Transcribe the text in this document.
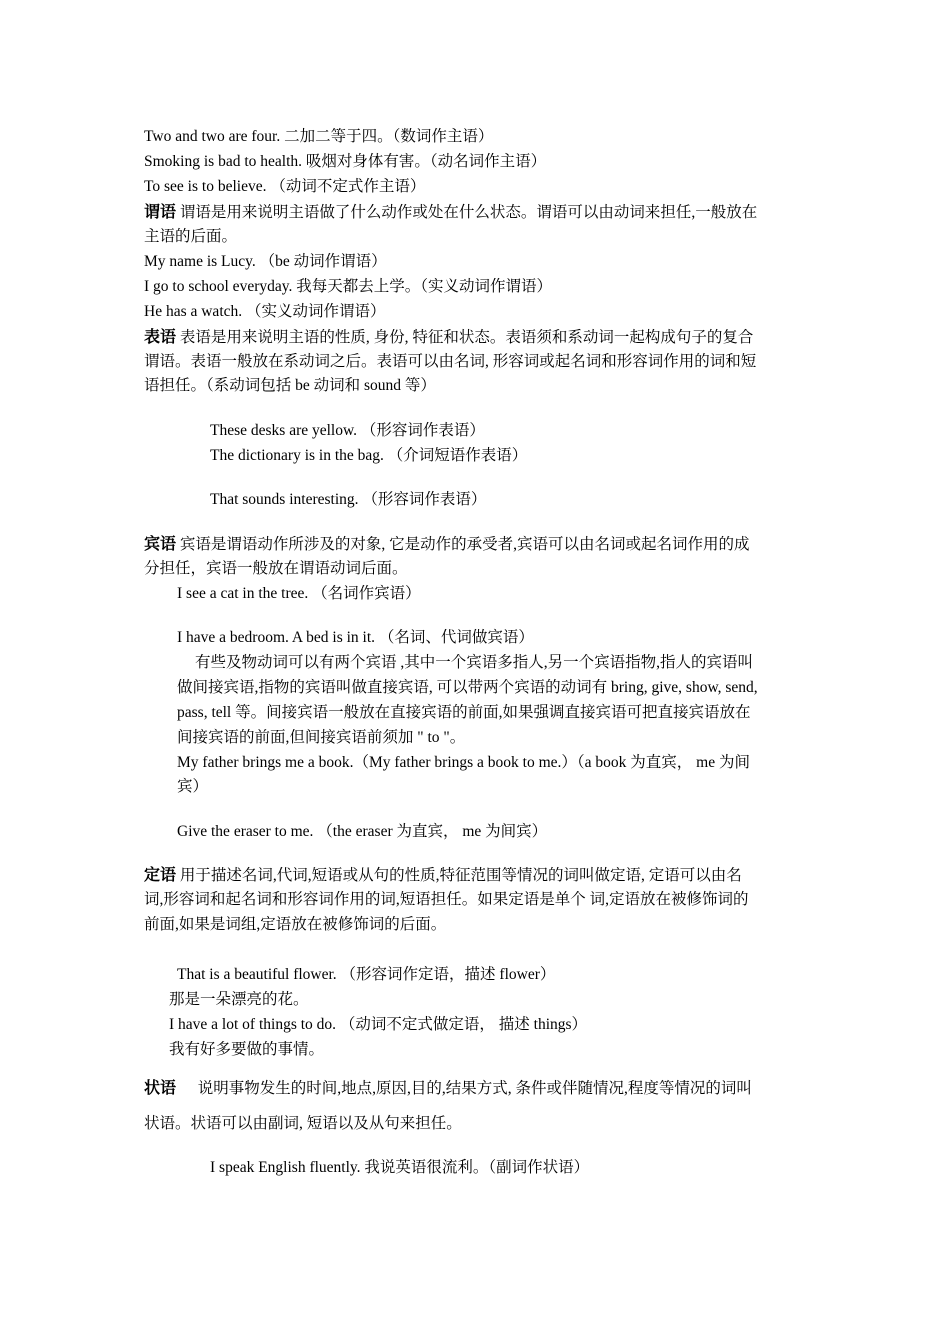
Two and two are four. 二加二等于四。（数词作主语）
Smoking is bad to health. 吸烟对身体有害。（动名词作主语）
To see is to believe. （动词不定式作主语）
谓语 谓语是用来说明主语做了什么动作或处在什么状态。谓语可以由动词来担任,一般放在
主语的后面。
My name is Lucy. （be 动词作谓语）
I go to school everyday. 我每天都去上学。（实义动词作谓语）
He has a watch. （实义动词作谓语）
表语 表语是用来说明主语的性质, 身份, 特征和状态。表语须和系动词一起构成句子的复合
谓语。表语一般放在系动词之后。表语可以由名词, 形容词或起名词和形容词作用的词和短
语担任。（系动词包括 be 动词和 sound 等）
These desks are yellow. （形容词作表语）
The dictionary is in the bag. （介词短语作表语）
That sounds interesting. （形容词作表语）
宾语 宾语是谓语动作所涉及的对象, 它是动作的承受者,宾语可以由名词或起名词作用的成
分担任，宾语一般放在谓语动词后面。
I see a cat in the tree. （名词作宾语）
I have a bedroom. A bed is in it. （名词、代词做宾语）
有些及物动词可以有两个宾语 ,其中一个宾语多指人,另一个宾语指物,指人的宾语叫
做间接宾语,指物的宾语叫做直接宾语, 可以带两个宾语的动词有 bring, give, show, send,
pass, tell 等。间接宾语一般放在直接宾语的前面,如果强调直接宾语可把直接宾语放在
间接宾语的前面,但间接宾语前须加 " to "。
My father brings me a book.（My father brings a book to me.）（a book 为直宾， me 为间
宾）
Give the eraser to me. （the eraser 为直宾， me 为间宾）
定语 用于描述名词,代词,短语或从句的性质,特征范围等情况的词叫做定语, 定语可以由名
词,形容词和起名词和形容词作用的词,短语担任。如果定语是单个 词,定语放在被修饰词的
前面,如果是词组,定语放在被修饰词的后面。
That is a beautiful flower. （形容词作定语，描述 flower）
那是一朵漂亮的花。
I have a lot of things to do. （动词不定式做定语， 描述 things）
我有好多要做的事情。
状语 说明事物发生的时间,地点,原因,目的,结果方式, 条件或伴随情况,程度等情况的词叫
状语。状语可以由副词, 短语以及从句来担任。
I speak English fluently. 我说英语很流利。（副词作状语）
